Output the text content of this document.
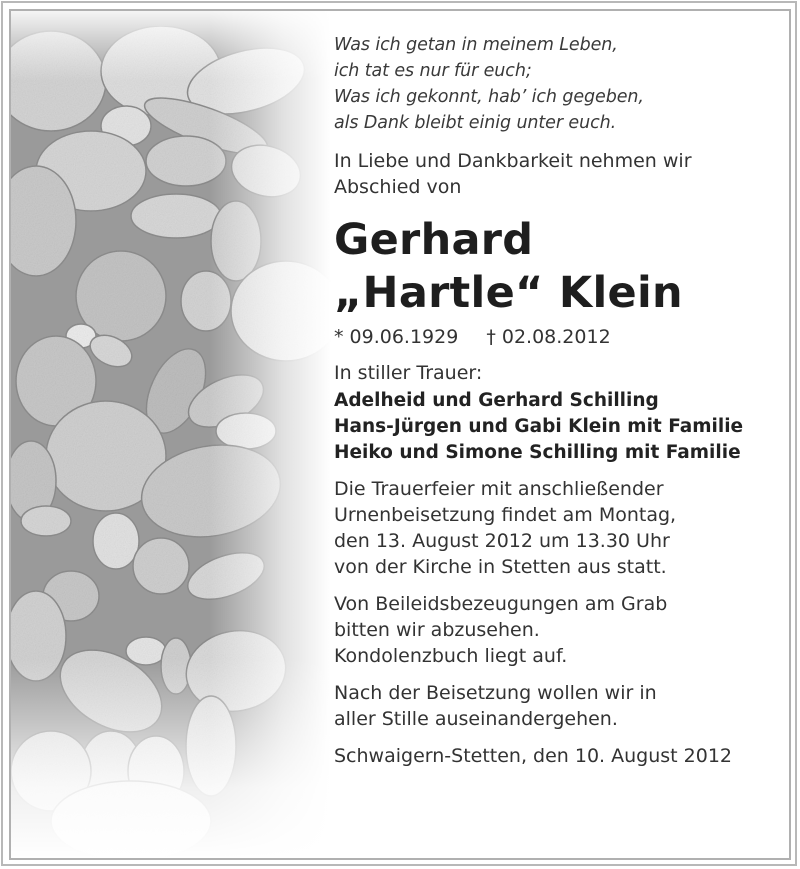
Was ich getan in meinem Leben,
ich tat es nur für euch;
Was ich gekonnt, hab’ ich gegeben,
als Dank bleibt einig unter euch.
In Liebe und Dankbarkeit nehmen wir
Abschied von
Gerhard
„Hartle“ Klein
* 09.06.1929 † 02.08.2012
In stiller Trauer:
Adelheid und Gerhard Schilling
Hans-Jürgen und Gabi Klein mit Familie
Heiko und Simone Schilling mit Familie
Die Trauerfeier mit anschließender
Urnenbeisetzung findet am Montag,
den 13. August 2012 um 13.30 Uhr
von der Kirche in Stetten aus statt.
Von Beileidsbezeugungen am Grab
bitten wir abzusehen.
Kondolenzbuch liegt auf.
Nach der Beisetzung wollen wir in
aller Stille auseinandergehen.
Schwaigern-Stetten, den 10. August 2012
